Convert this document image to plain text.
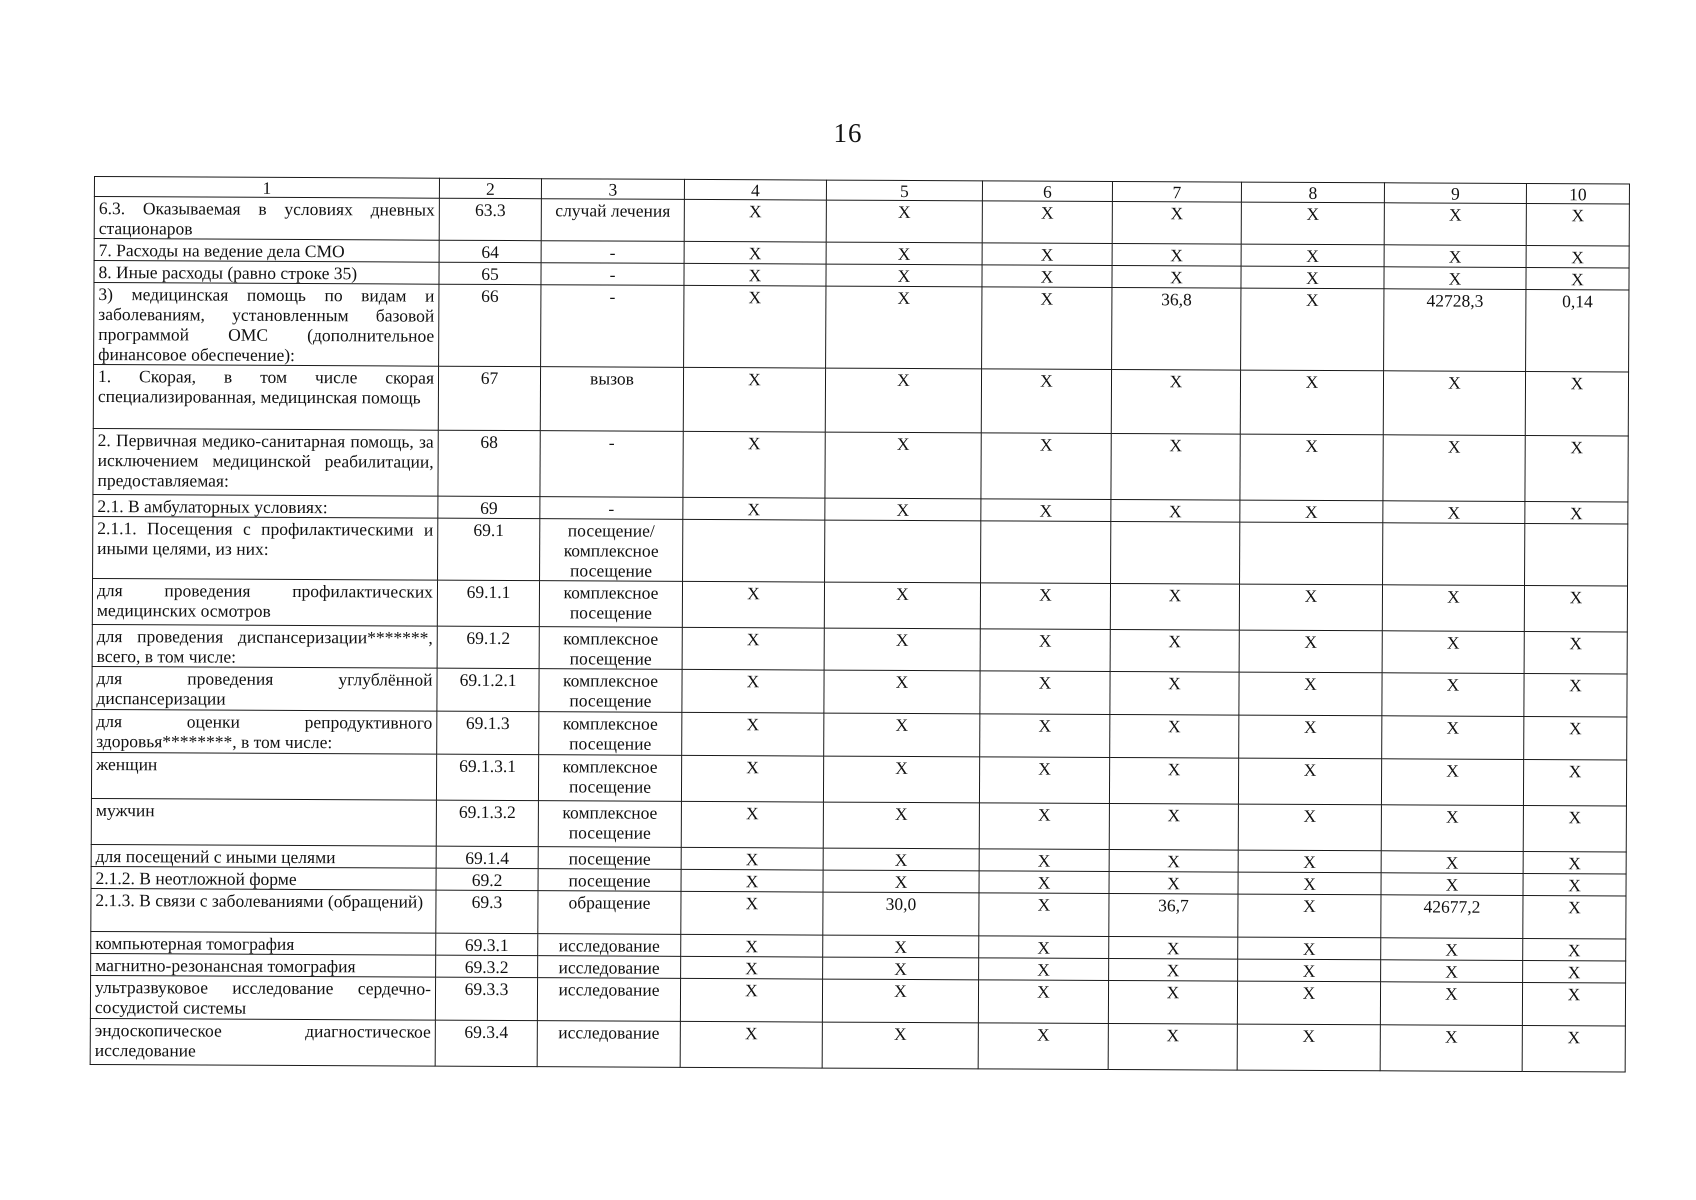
16
1	2	3	4	5	6	7	8	9	10
6.3. Оказываемая в условиях дневных стационаров	63.3	случай лечения	X	X	X	X	X	X	X
7. Расходы на ведение дела СМО	64	-	X	X	X	X	X	X	X
8. Иные расходы (равно строке 35)	65	-	X	X	X	X	X	X	X
3) медицинская помощь по видам и заболеваниям, установленным базовой программой ОМС (дополнительное финансовое обеспечение):	66	-	X	X	X	36,8	X	42728,3	0,14
1. Скорая, в том числе скорая специализированная, медицинская помощь	67	вызов	X	X	X	X	X	X	X
2. Первичная медико-санитарная помощь, за исключением медицинской реабилитации, предоставляемая:	68	-	X	X	X	X	X	X	X
2.1. В амбулаторных условиях:	69	-	X	X	X	X	X	X	X
2.1.1. Посещения с профилактическими и иными целями, из них:	69.1	посещение/ комплексное посещение							
для проведения профилактических медицинских осмотров	69.1.1	комплексное посещение	X	X	X	X	X	X	X
для проведения диспансеризации*******, всего, в том числе:	69.1.2	комплексное посещение	X	X	X	X	X	X	X
для проведения углублённой диспансеризации	69.1.2.1	комплексное посещение	X	X	X	X	X	X	X
для оценки репродуктивного здоровья********, в том числе:	69.1.3	комплексное посещение	X	X	X	X	X	X	X
женщин	69.1.3.1	комплексное посещение	X	X	X	X	X	X	X
мужчин	69.1.3.2	комплексное посещение	X	X	X	X	X	X	X
для посещений с иными целями	69.1.4	посещение	X	X	X	X	X	X	X
2.1.2. В неотложной форме	69.2	посещение	X	X	X	X	X	X	X
2.1.3. В связи с заболеваниями (обращений)	69.3	обращение	X	30,0	X	36,7	X	42677,2	X
компьютерная томография	69.3.1	исследование	X	X	X	X	X	X	X
магнитно-резонансная томография	69.3.2	исследование	X	X	X	X	X	X	X
ультразвуковое исследование сердечно-сосудистой системы	69.3.3	исследование	X	X	X	X	X	X	X
эндоскопическое диагностическое исследование	69.3.4	исследование	X	X	X	X	X	X	X
